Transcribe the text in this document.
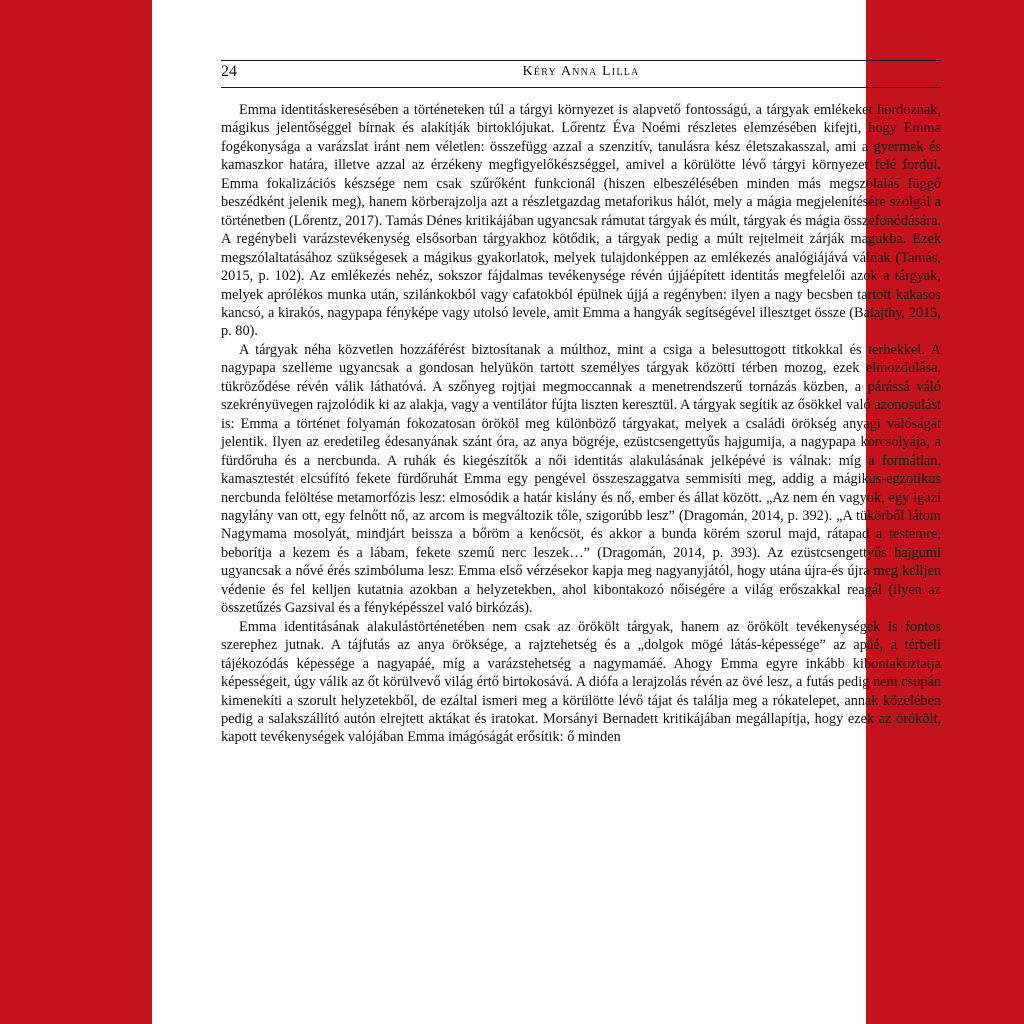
24	Kéry Anna Lilla

Emma identitáskeresésében a történeteken túl a tárgyi környezet is alapvető fontosságú, a tárgyak emlékeket hordoznak, mágikus jelentőséggel bírnak és alakítják birtoklójukat. Lőrentz Éva Noémi részletes elemzésében kifejti, hogy Emma fogékonysága a varázslat iránt nem véletlen: összefügg azzal a szenzitív, tanulásra kész életszakasszal, ami a gyermek és kamaszkor határa, illetve azzal az érzékeny megfigyelőkészséggel, amivel a körülötte lévő tárgyi környezet felé fordul. Emma fokalizációs készsége nem csak szűrőként funkcionál (hiszen elbeszélésében minden más megszólalás függő beszédként jelenik meg), hanem körberajzolja azt a részletgazdag metaforikus hálót, mely a mágia megjelenítésére szolgál a történetben (Lőrentz, 2017). Tamás Dénes kritikájában ugyancsak rámutat tárgyak és múlt, tárgyak és mágia összefonódására. A regénybeli varázstevékenység elsősorban tárgyakhoz kötődik, a tárgyak pedig a múlt rejtelmeit zárják magukba. Ezek megszólaltatásához szükségesek a mágikus gyakorlatok, melyek tulajdonképpen az emlékezés analógiájává válnak (Tamás, 2015, p. 102). Az emlékezés nehéz, sokszor fájdalmas tevékenysége révén újjáépített identitás megfelelői azok a tárgyak, melyek aprólékos munka után, szilánkokból vagy cafatokból épülnek újjá a regényben: ilyen a nagy becsben tartott kakasos kancsó, a kirakós, nagypapa fényképe vagy utolsó levele, amit Emma a hangyák segítségével illesztget össze (Balajthy, 2015, p. 80).

A tárgyak néha közvetlen hozzáférést biztosítanak a múlthoz, mint a csiga a belesuttogott titkokkal és terhekkel. A nagypapa szelleme ugyancsak a gondosan helyükön tartott személyes tárgyak közötti térben mozog, ezek elmozdulása, tükröződése révén válik láthatóvá. A szőnyeg rojtjai megmoccannak a menetrendszerű tornázás közben, a párássá váló szekrényüvegen rajzolódik ki az alakja, vagy a ventilátor fújta liszten keresztül. A tárgyak segítik az ősökkel való azonosulást is: Emma a történet folyamán fokozatosan örököl meg különböző tárgyakat, melyek a családi örökség anyagi valóságát jelentik. Ilyen az eredetileg édesanyának szánt óra, az anya bögréje, ezüstcsengettyűs hajgumija, a nagypapa korcsolyája, a fürdőruha és a nercbunda. A ruhák és kiegészítők a női identitás alakulásának jelképévé is válnak: míg a formátlan, kamasztestét elcsúfító fekete fürdőruhát Emma egy pengével összeszaggatva semmisíti meg, addig a mágikus-egzotikus nercbunda felöltése metamorfózis lesz: elmosódik a határ kislány és nő, ember és állat között. „Az nem én vagyok, egy igazi nagylány van ott, egy felnőtt nő, az arcom is megváltozik tőle, szigorúbb lesz” (Dragomán, 2014, p. 392). „A tükörből látom Nagymama mosolyát, mindjárt beissza a bőröm a kenőcsöt, és akkor a bunda körém szorul majd, rátapad a testemre, beborítja a kezem és a lábam, fekete szemű nerc leszek…” (Dragomán, 2014, p. 393). Az ezüstcsengettyűs hajgumi ugyancsak a nővé érés szimbóluma lesz: Emma első vérzésekor kapja meg nagyanyjától, hogy utána újra-és újra meg kelljen védenie és fel kelljen kutatnia azokban a helyzetekben, ahol kibontakozó nőiségére a világ erőszakkal reagál (ilyen az összetűzés Gazsival és a fényképésszel való birkózás).

Emma identitásának alakulástörténetében nem csak az örökölt tárgyak, hanem az örökölt tevékenységek is fontos szerephez jutnak. A tájfutás az anya öröksége, a rajztehetség és a „dolgok mögé látás-képessége” az apáé, a térbeli tájékozódás képessége a nagyapáé, míg a varázstehetség a nagymamáé. Ahogy Emma egyre inkább kibontakoztatja képességeit, úgy válik az őt körülvevő világ értő birtokosává. A diófa a lerajzolás révén az övé lesz, a futás pedig nem csupán kimenekíti a szorult helyzetekből, de ezáltal ismeri meg a körülötte lévő tájat és találja meg a rókatelepet, annak közelében pedig a salakszállító autón elrejtett aktákat és iratokat. Morsányi Bernadett kritikájában megállapítja, hogy ezek az örökölt, kapott tevékenységek valójában Emma imágóságát erősítik: ő minden
